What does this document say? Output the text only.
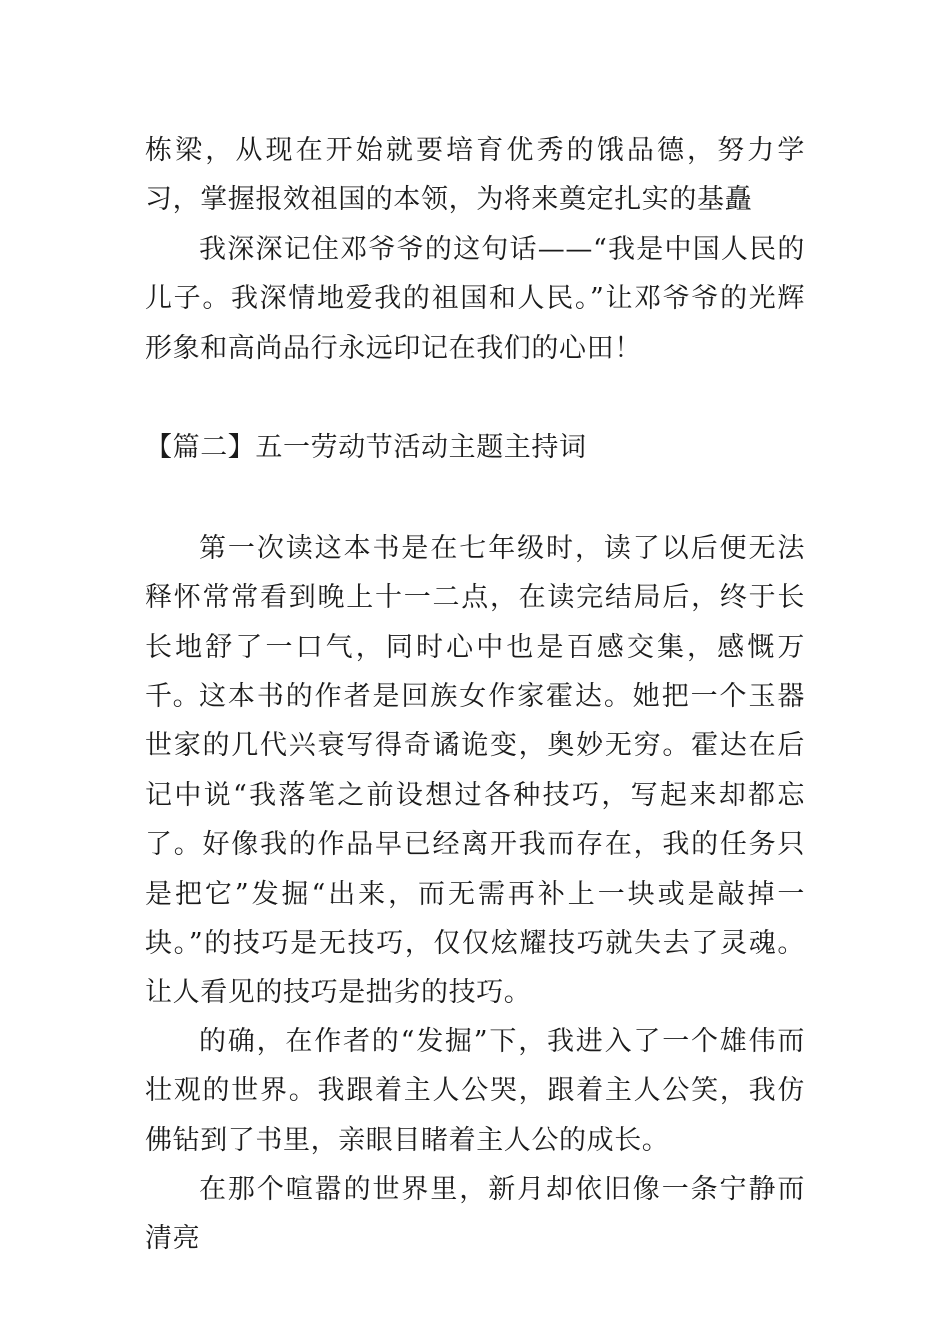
栋梁，从现在开始就要培育优秀的饿品德，努力学习，掌握报效祖国的本领，为将来奠定扎实的基矗

我深深记住邓爷爷的这句话——“我是中国人民的儿子。我深情地爱我的祖国和人民。”让邓爷爷的光辉形象和高尚品行永远印记在我们的心田！

【篇二】五一劳动节活动主题主持词

第一次读这本书是在七年级时，读了以后便无法释怀常常看到晚上十一二点，在读完结局后，终于长长地舒了一口气，同时心中也是百感交集，感慨万千。

这本书的作者是回族女作家霍达。她把一个玉器世家的几代兴衰写得奇谲诡变，奥妙无穷。霍达在后记中说“我落笔之前设想过各种技巧，写起来却都忘了。好像我的作品早已经离开我而存在，我的任务只是把它”发掘“出来，而无需再补上一块或是敲掉一块。”的技巧是无技巧，仅仅炫耀技巧就失去了灵魂。让人看见的技巧是拙劣的技巧。

的确，在作者的“发掘”下，我进入了一个雄伟而壮观的世界。我跟着主人公哭，跟着主人公笑，我仿佛钻到了书里，亲眼目睹着主人公的成长。

在那个喧嚣的世界里，新月却依旧像一条宁静而清亮
